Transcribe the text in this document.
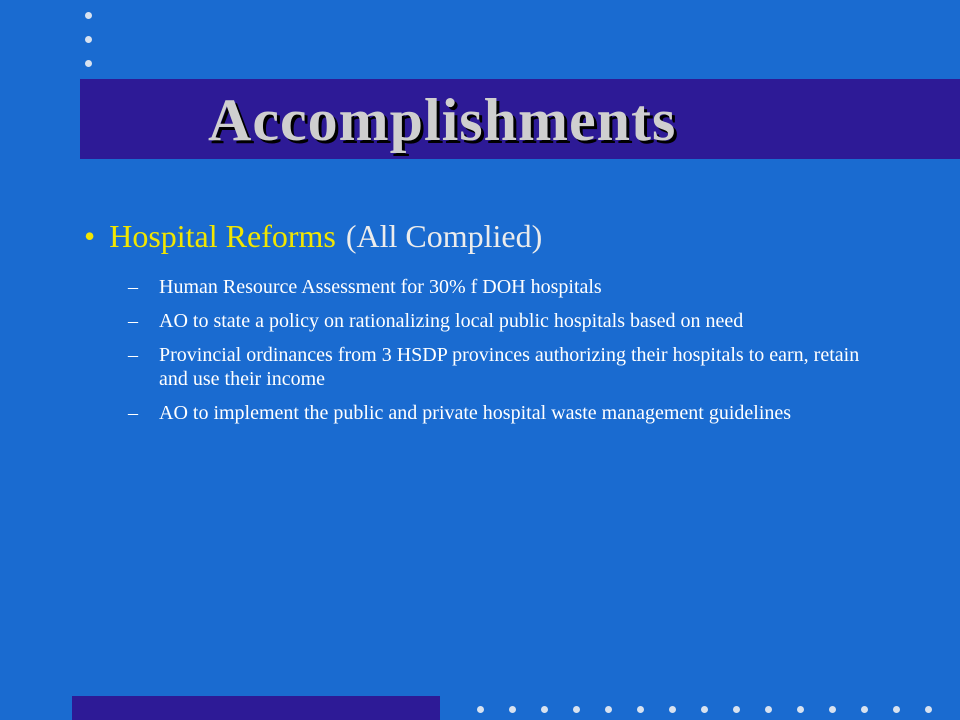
Accomplishments
• Hospital Reforms (All Complied)
– Human Resource Assessment for 30% f DOH hospitals
– AO to state a policy on rationalizing local public hospitals based on need
– Provincial ordinances from 3 HSDP provinces authorizing their hospitals to earn, retain and use their income
– AO to implement the public and private hospital waste management guidelines
